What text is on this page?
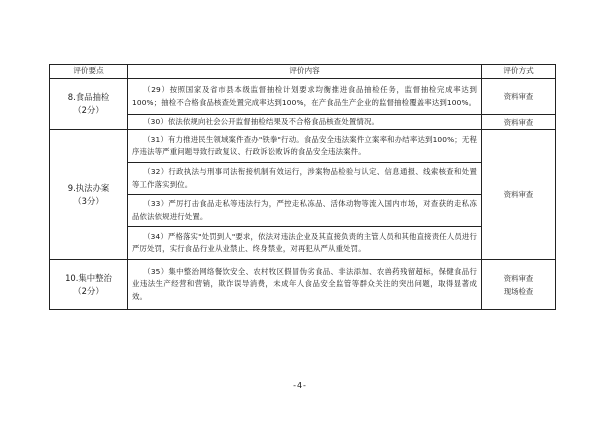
评价要点	评价内容	评价方式

8.食品抽检
（2分）	（29）按照国家及省市县本级监督抽检计划要求均衡推进食品抽检任务，监督抽检完成率达到100%；抽检不合格食品核查处置完成率达到100%，在产食品生产企业的监督抽检覆盖率达到100%。	资料审查

	（30）依法依规向社会公开监督抽检结果及不合格食品核查处置情况。	资料审查

9.执法办案
（3分）	（31）有力推进民生领域案件查办"铁拳"行动。食品安全违法案件立案率和办结率达到100%；无程序违法等严重问题导致行政复议、行政诉讼败诉的食品安全违法案件。	资料审查

	（32）行政执法与刑事司法衔接机制有效运行，涉案物品检验与认定、信息通报、线索核查和处置等工作落实到位。	
	（33）严厉打击食品走私等违法行为，严控走私冻品、活体动物等流入国内市场，对查获的走私冻品依法依规进行处置。	
	（34）严格落实"处罚到人"要求，依法对违法企业及其直接负责的主管人员和其他直接责任人员进行严厉处罚，实行食品行业从业禁止、终身禁业，对再犯从严从重处罚。	

10.集中整治
（2分）	（35）集中整治网络餐饮安全、农村牧区假冒伪劣食品、非法添加、农兽药残留超标，保健食品行业违法生产经营和营销，欺诈误导消费，未成年人食品安全监管等群众关注的突出问题，取得显著成效。	资料审查
现场检查
-4-
